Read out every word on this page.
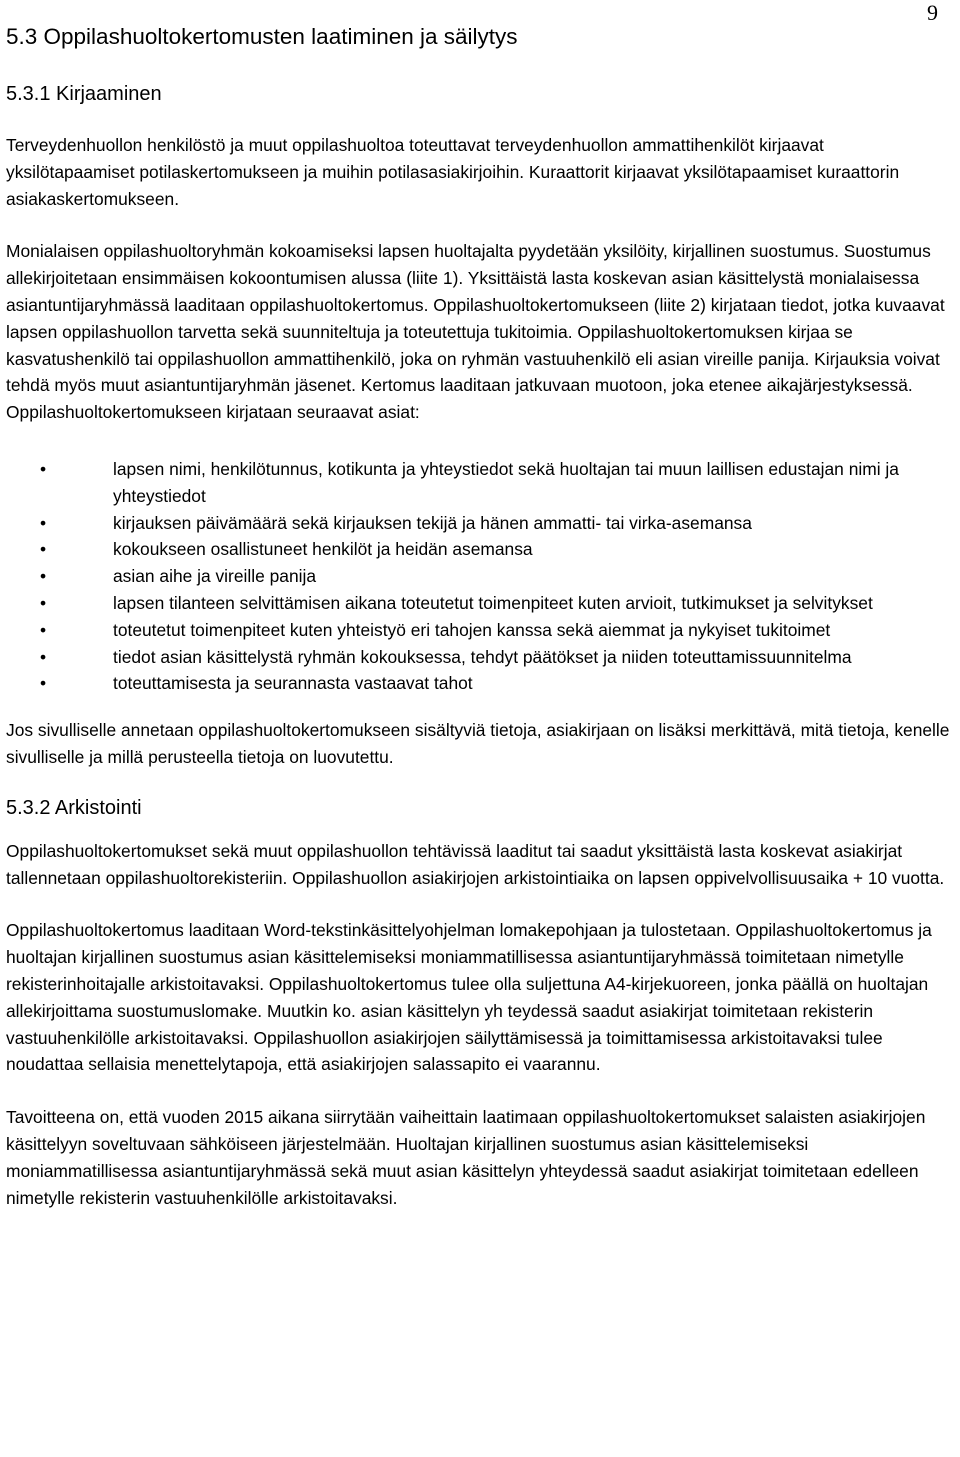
9
5.3 Oppilashuoltokertomusten laatiminen ja säilytys
5.3.1 Kirjaaminen

Terveydenhuollon henkilöstö ja muut oppilashuoltoa toteuttavat terveydenhuollon ammattihenkilöt kirjaavat yksilötapaamiset potilaskertomukseen ja muihin potilasasiakirjoihin. Kuraattorit kirjaavat yksilötapaamiset kuraattorin asiakaskertomukseen.

Monialaisen oppilashuoltoryhmän kokoamiseksi lapsen huoltajalta pyydetään yksilöity, kirjallinen suostumus. Suostumus allekirjoitetaan ensimmäisen kokoontumisen alussa (liite 1). Yksittäistä lasta koskevan asian käsittelystä monialaisessa asiantuntijaryhmässä laaditaan oppilashuoltokertomus. Oppilashuoltokertomukseen (liite 2) kirjataan tiedot, jotka kuvaavat lapsen oppilashuollon tarvetta sekä suunniteltuja ja toteutettuja tukitoimia. Oppilashuoltokertomuksen kirjaa se kasvatushenkilö tai oppilashuollon ammattihenkilö, joka on ryhmän vastuuhenkilö eli asian vireille panija. Kirjauksia voivat tehdä myös muut asiantuntijaryhmän jäsenet. Kertomus laaditaan jatkuvaan muotoon, joka etenee aikajärjestyksessä. Oppilashuoltokertomukseen kirjataan seuraavat asiat:

•	lapsen nimi, henkilötunnus, kotikunta ja yhteystiedot sekä huoltajan tai muun laillisen edustajan nimi ja yhteystiedot
•	kirjauksen päivämäärä sekä kirjauksen tekijä ja hänen ammatti- tai virka-asemansa
•	kokoukseen osallistuneet henkilöt ja heidän asemansa
•	asian aihe ja vireille panija
•	lapsen tilanteen selvittämisen aikana toteutetut toimenpiteet kuten arvioit, tutkimukset ja selvitykset
•	toteutetut toimenpiteet kuten yhteistyö eri tahojen kanssa sekä aiemmat ja nykyiset tukitoimet
•	tiedot asian käsittelystä ryhmän kokouksessa, tehdyt päätökset ja niiden toteuttamissuunnitelma
•	toteuttamisesta ja seurannasta vastaavat tahot

Jos sivulliselle annetaan oppilashuoltokertomukseen sisältyviä tietoja, asiakirjaan on lisäksi merkittävä, mitä tietoja, kenelle sivulliselle ja millä perusteella tietoja on luovutettu.

5.3.2 Arkistointi

Oppilashuoltokertomukset sekä muut oppilashuollon tehtävissä laaditut tai saadut yksittäistä lasta koskevat asiakirjat tallennetaan oppilashuoltorekisteriin. Oppilashuollon asiakirjojen arkistointiaika on lapsen oppivelvollisuusaika + 10 vuotta.

Oppilashuoltokertomus laaditaan Word-tekstinkäsittelyohjelman lomakepohjaan ja tulostetaan. Oppilashuoltokertomus ja huoltajan kirjallinen suostumus asian käsittelemiseksi moniammatillisessa asiantuntijaryhmässä toimitetaan nimetylle rekisterinhoitajalle arkistoitavaksi. Oppilashuoltokertomus tulee olla suljettuna A4-kirjekuoreen, jonka päällä on huoltajan allekirjoittama suostumuslomake. Muutkin ko. asian käsittelyn yh teydessä saadut asiakirjat toimitetaan rekisterin vastuuhenkilölle arkistoitavaksi. Oppilashuollon asiakirjojen säilyttämisessä ja toimittamisessa arkistoitavaksi tulee noudattaa sellaisia menettelytapoja, että asiakirjojen salassapito ei vaarannu.

Tavoitteena on, että vuoden 2015 aikana siirrytään vaiheittain laatimaan oppilashuoltokertomukset salaisten asiakirjojen käsittelyyn soveltuvaan sähköiseen järjestelmään. Huoltajan kirjallinen suostumus asian käsittelemiseksi moniammatillisessa asiantuntijaryhmässä sekä muut asian käsittelyn yhteydessä saadut asiakirjat toimitetaan edelleen nimetylle rekisterin vastuuhenkilölle arkistoitavaksi.
